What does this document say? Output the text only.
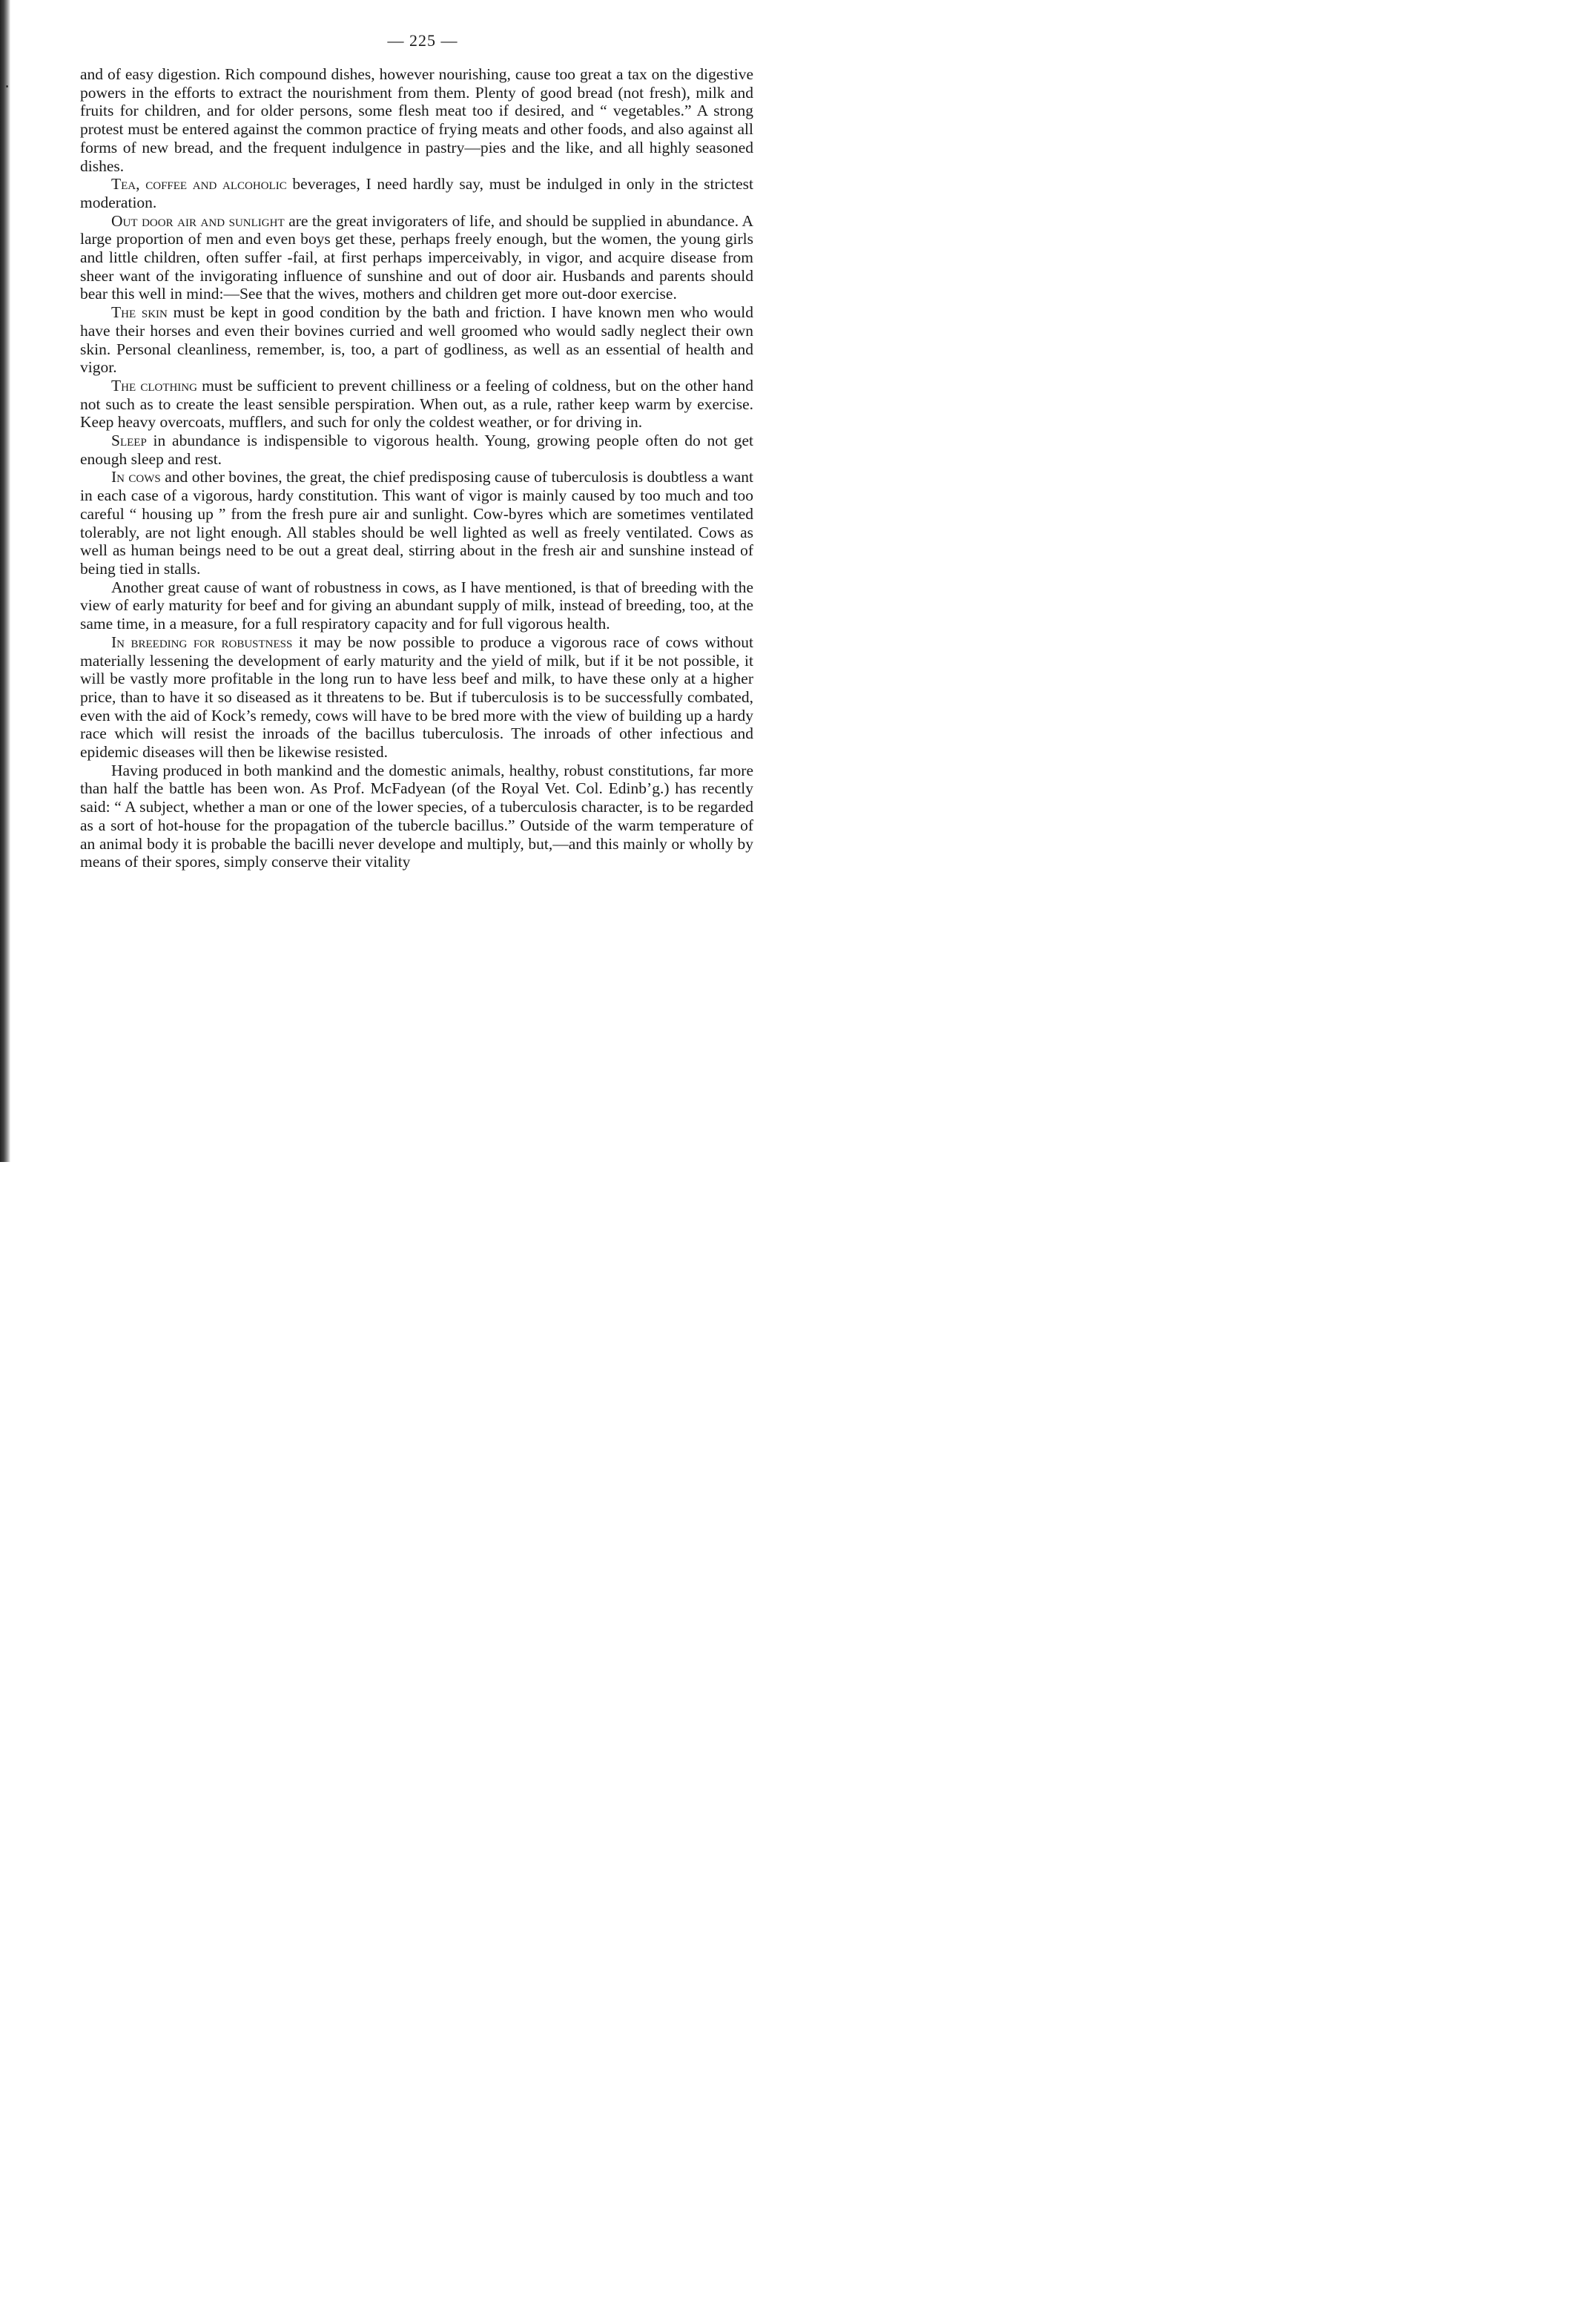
— 225 —

and of easy digestion. Rich compound dishes, however nourishing, cause too great a tax on the digestive powers in the efforts to extract the nourishment from them. Plenty of good bread (not fresh), milk and fruits for children, and for older persons, some flesh meat too if desired, and “ vegetables.” A strong protest must be entered against the common practice of frying meats and other foods, and also against all forms of new bread, and the frequent indulgence in pastry—pies and the like, and all highly seasoned dishes.

Tea, coffee and alcoholic beverages, I need hardly say, must be indulged in only in the strictest moderation.

Out door air and sunlight are the great invigoraters of life, and should be supplied in abundance. A large proportion of men and even boys get these, perhaps freely enough, but the women, the young girls and little children, often suffer -fail, at first perhaps imperceivably, in vigor, and acquire disease from sheer want of the invigorating influence of sunshine and out of door air. Husbands and parents should bear this well in mind:—See that the wives, mothers and children get more out-door exercise.

The skin must be kept in good condition by the bath and friction. I have known men who would have their horses and even their bovines curried and well groomed who would sadly neglect their own skin. Personal cleanliness, remember, is, too, a part of godliness, as well as an essential of health and vigor.

The clothing must be sufficient to prevent chilliness or a feeling of coldness, but on the other hand not such as to create the least sensible perspiration. When out, as a rule, rather keep warm by exercise. Keep heavy overcoats, mufflers, and such for only the coldest weather, or for driving in.

Sleep in abundance is indispensible to vigorous health. Young, growing people often do not get enough sleep and rest.

In cows and other bovines, the great, the chief predisposing cause of tuberculosis is doubtless a want in each case of a vigorous, hardy constitution. This want of vigor is mainly caused by too much and too careful “ housing up ” from the fresh pure air and sunlight. Cow-byres which are sometimes ventilated tolerably, are not light enough. All stables should be well lighted as well as freely ventilated. Cows as well as human beings need to be out a great deal, stirring about in the fresh air and sunshine instead of being tied in stalls.

Another great cause of want of robustness in cows, as I have mentioned, is that of breeding with the view of early maturity for beef and for giving an abundant supply of milk, instead of breeding, too, at the same time, in a measure, for a full respiratory capacity and for full vigorous health.

In breeding for robustness it may be now possible to produce a vigorous race of cows without materially lessening the development of early maturity and the yield of milk, but if it be not possible, it will be vastly more profitable in the long run to have less beef and milk, to have these only at a higher price, than to have it so diseased as it threatens to be. But if tuberculosis is to be successfully combated, even with the aid of Kock’s remedy, cows will have to be bred more with the view of building up a hardy race which will resist the inroads of the bacillus tuberculosis. The inroads of other infectious and epidemic diseases will then be likewise resisted.

Having produced in both mankind and the domestic animals, healthy, robust constitutions, far more than half the battle has been won. As Prof. McFadyean (of the Royal Vet. Col. Edinb’g.) has recently said: “ A subject, whether a man or one of the lower species, of a tuberculosis character, is to be regarded as a sort of hot-house for the propagation of the tubercle bacillus.” Outside of the warm temperature of an animal body it is probable the bacilli never develope and multiply, but,—and this mainly or wholly by means of their spores, simply conserve their vitality
